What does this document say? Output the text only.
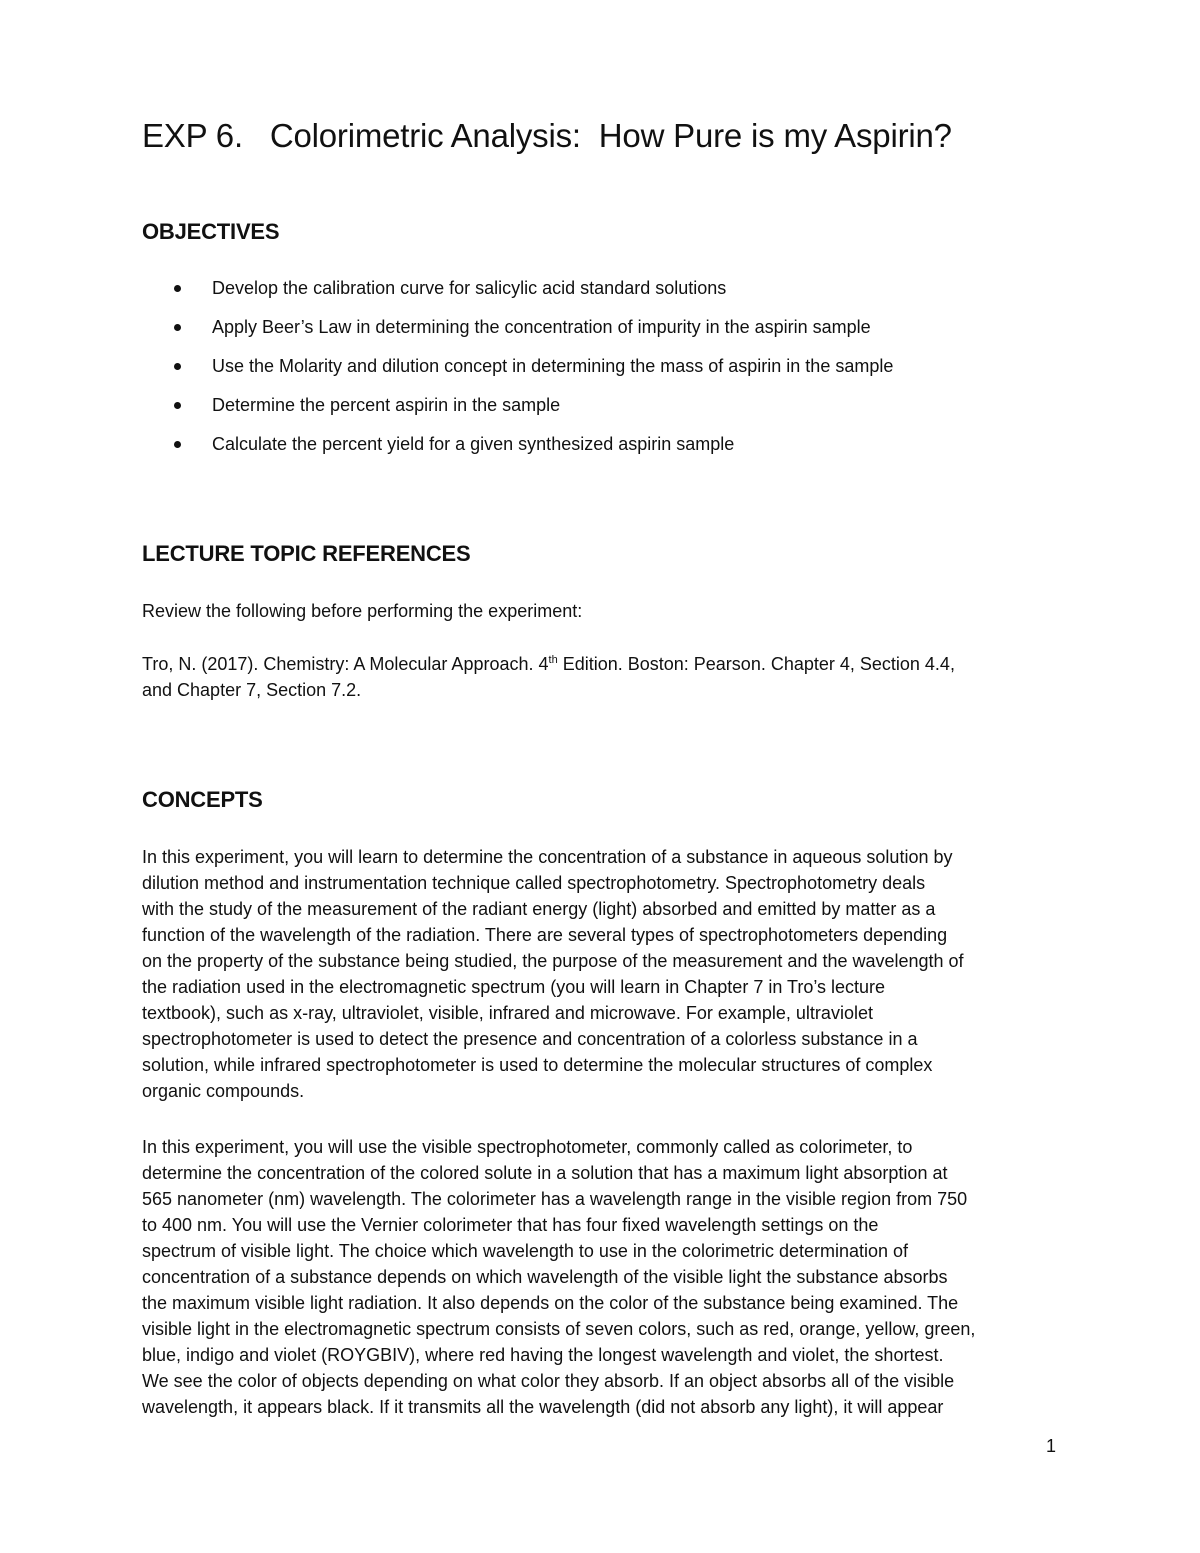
EXP 6.   Colorimetric Analysis:  How Pure is my Aspirin?
OBJECTIVES
Develop the calibration curve for salicylic acid standard solutions
Apply Beer’s Law in determining the concentration of impurity in the aspirin sample
Use the Molarity and dilution concept in determining the mass of aspirin in the sample
Determine the percent aspirin in the sample
Calculate the percent yield for a given synthesized aspirin sample
LECTURE TOPIC REFERENCES

Review the following before performing the experiment:

Tro, N. (2017). Chemistry: A Molecular Approach. 4th Edition. Boston: Pearson. Chapter 4, Section 4.4,
and Chapter 7, Section 7.2.

CONCEPTS

In this experiment, you will learn to determine the concentration of a substance in aqueous solution by
dilution method and instrumentation technique called spectrophotometry. Spectrophotometry deals
with the study of the measurement of the radiant energy (light) absorbed and emitted by matter as a
function of the wavelength of the radiation. There are several types of spectrophotometers depending
on the property of the substance being studied, the purpose of the measurement and the wavelength of
the radiation used in the electromagnetic spectrum (you will learn in Chapter 7 in Tro’s lecture
textbook), such as x-ray, ultraviolet, visible, infrared and microwave. For example, ultraviolet
spectrophotometer is used to detect the presence and concentration of a colorless substance in a
solution, while infrared spectrophotometer is used to determine the molecular structures of complex
organic compounds.

In this experiment, you will use the visible spectrophotometer, commonly called as colorimeter, to
determine the concentration of the colored solute in a solution that has a maximum light absorption at
565 nanometer (nm) wavelength. The colorimeter has a wavelength range in the visible region from 750
to 400 nm. You will use the Vernier colorimeter that has four fixed wavelength settings on the
spectrum of visible light. The choice which wavelength to use in the colorimetric determination of
concentration of a substance depends on which wavelength of the visible light the substance absorbs
the maximum visible light radiation. It also depends on the color of the substance being examined. The
visible light in the electromagnetic spectrum consists of seven colors, such as red, orange, yellow, green,
blue, indigo and violet (ROYGBIV), where red having the longest wavelength and violet, the shortest.
We see the color of objects depending on what color they absorb. If an object absorbs all of the visible
wavelength, it appears black. If it transmits all the wavelength (did not absorb any light), it will appear

1
